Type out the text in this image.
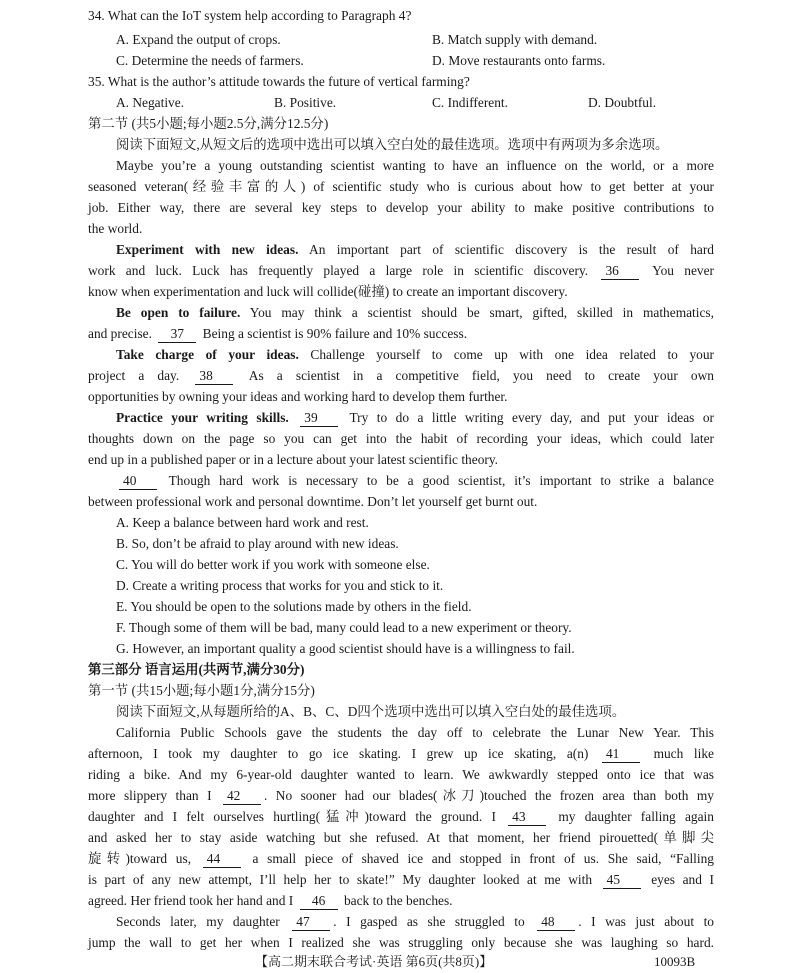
34. What can the IoT system help according to Paragraph 4?
A. Expand the output of crops.	B. Match supply with demand.
C. Determine the needs of farmers.	D. Move restaurants onto farms.
35. What is the author’s attitude towards the future of vertical farming?
A. Negative.	B. Positive.	C. Indifferent.	D. Doubtful.
第二节 (共5小题;每小题2.5分,满分12.5分)
阅读下面短文,从短文后的选项中选出可以填入空白处的最佳选项。选项中有两项为多余选项。
Maybe you’re a young outstanding scientist wanting to have an influence on the world, or a more
seasoned veteran(经验丰富的人) of scientific study who is curious about how to get better at your
job. Either way, there are several key steps to develop your ability to make positive contributions to
the world.
Experiment with new ideas. An important part of scientific discovery is the result of hard
work and luck. Luck has frequently played a large role in scientific discovery. 36 You never
know when experimentation and luck will collide(碰撞) to create an important discovery.
Be open to failure. You may think a scientist should be smart, gifted, skilled in mathematics,
and precise. 37 Being a scientist is 90% failure and 10% success.
Take charge of your ideas. Challenge yourself to come up with one idea related to your
project a day. 38	As a scientist in a competitive field, you need to create your own
opportunities by owning your ideas and working hard to develop them further.
Practice your writing skills. 39 Try to do a little writing every day, and put your ideas or
thoughts down on the page so you can get into the habit of recording your ideas, which could later
end up in a published paper or in a lecture about your latest scientific theory.
40 Though hard work is necessary to be a good scientist, it’s important to strike a balance
between professional work and personal downtime. Don’t let yourself get burnt out.
A. Keep a balance between hard work and rest.
B. So, don’t be afraid to play around with new ideas.
C. You will do better work if you work with someone else.
D. Create a writing process that works for you and stick to it.
E. You should be open to the solutions made by others in the field.
F. Though some of them will be bad, many could lead to a new experiment or theory.
G. However, an important quality a good scientist should have is a willingness to fail.
第三部分 语言运用(共两节,满分30分)
第一节 (共15小题;每小题1分,满分15分)
阅读下面短文,从每题所给的A、B、C、D四个选项中选出可以填入空白处的最佳选项。
California Public Schools gave the students the day off to celebrate the Lunar New Year. This
afternoon, I took my daughter to go ice skating. I grew up ice skating, a(n) 41	much like
riding a bike. And my 6-year-old daughter wanted to learn. We awkwardly stepped onto ice that was
more slippery than I 42 . No sooner had our blades(冰刀)touched the frozen area than both my
daughter and I felt ourselves hurtling(猛冲)toward the ground. I 43 my daughter falling again
and asked her to stay aside watching but she refused. At that moment, her friend pirouetted(单脚尖
旋转)toward us, 44 a small piece of shaved ice and stopped in front of us. She said, “Falling
is part of any new attempt, I’ll help her to skate!” My daughter looked at me with 45 eyes and I
agreed. Her friend took her hand and I 46 back to the benches.
Seconds later, my daughter 47 . I gasped as she struggled to 48 . I was just about to
jump the wall to get her when I realized she was struggling only because she was laughing so hard.
【高二期末联合考试·英语 第6页(共8页)】	10093B
